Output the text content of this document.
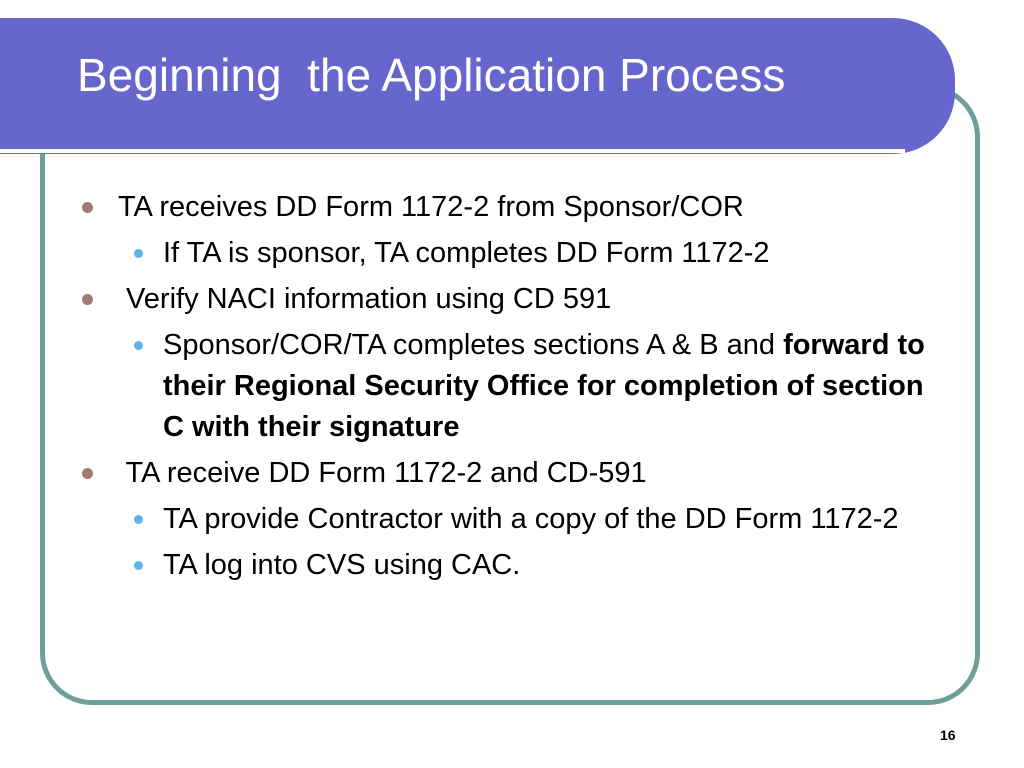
Beginning  the Application Process
TA receives DD Form 1172-2 from Sponsor/COR
If TA is sponsor, TA completes DD Form 1172-2
Verify NACI information using CD 591
Sponsor/COR/TA completes sections A & B and forward to their Regional Security Office for completion of section C with their signature
TA receive DD Form 1172-2 and CD-591
TA provide Contractor with a copy of the DD Form 1172-2
TA log into CVS using CAC.
16
